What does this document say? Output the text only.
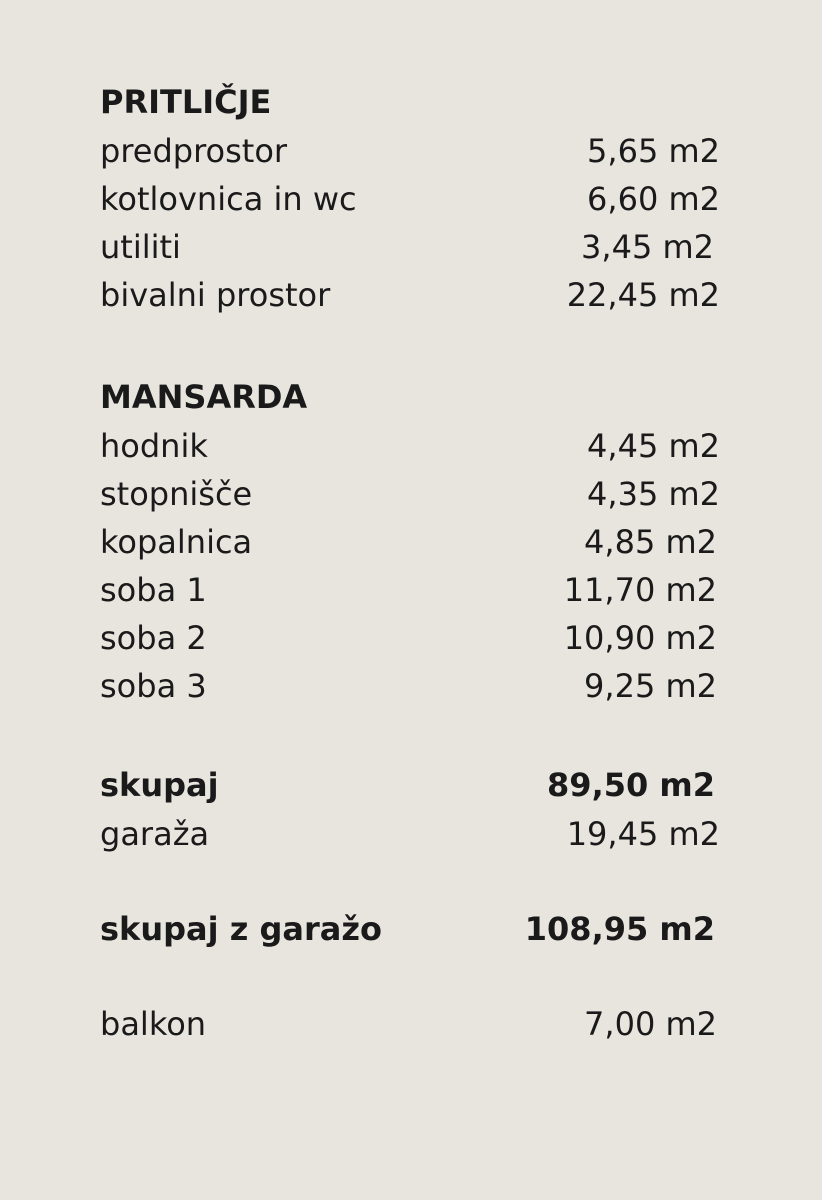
PRITLIČJE
predprostor	5,65 m2
kotlovnica in wc	6,60 m2
utiliti	3,45 m2
bivalni prostor	22,45 m2
MANSARDA
hodnik	4,45 m2
stopnišče	4,35 m2
kopalnica	4,85 m2
soba 1	11,70 m2
soba 2	10,90 m2
soba 3	9,25 m2
skupaj	89,50 m2
garaža	19,45 m2
skupaj z garažo	108,95 m2
balkon	7,00 m2
